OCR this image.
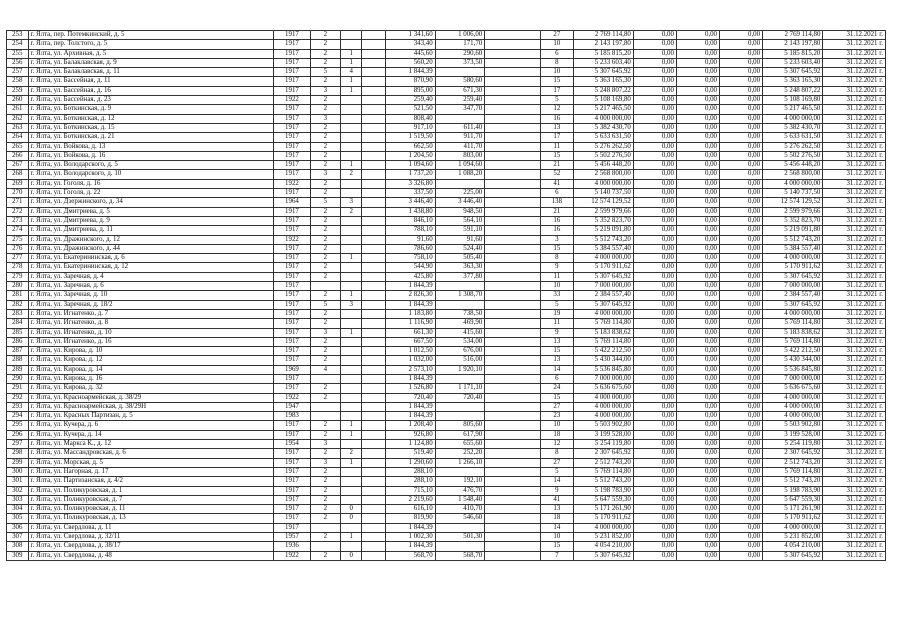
253	г. Ялта, пер. Потемкинский, д. 5	1917	2			1 341,60	1 006,00		27	2 769 114,80	0,00	0,00	0,00	2 769 114,80	31.12.2021 г.
254	г. Ялта, пер. Толстого, д. 5	1917	2			343,40	171,70		10	2 143 197,80	0,00	0,00	0,00	2 143 197,80	31.12.2021 г.
255	г. Ялта, ул. Архивная, д. 5	1917	2	1		445,60	290,60		6	5 185 815,20	0,00	0,00	0,00	5 185 815,20	31.12.2021 г.
256	г. Ялта, ул. Балаклавская, д. 9	1917	2	1		560,20	373,50		8	5 233 603,40	0,00	0,00	0,00	5 233 603,40	31.12.2021 г.
257	г. Ялта, ул. Балаклавская, д. 11	1917	5	4		1 844,39			10	5 307 645,92	0,00	0,00	0,00	5 307 645,92	31.12.2021 г.
258	г. Ялта, ул. Бассейная, д. 11	1917	2	1		870,90	580,60		15	5 363 165,30	0,00	0,00	0,00	5 363 165,30	31.12.2021 г.
259	г. Ялта, ул. Бассейная, д. 16	1917	3	1		895,00	671,30		17	5 248 807,22	0,00	0,00	0,00	5 248 807,22	31.12.2021 г.
260	г. Ялта, ул. Бассейная, д. 23	1922	2			259,40	259,40		5	5 108 169,80	0,00	0,00	0,00	5 108 169,80	31.12.2021 г.
261	г. Ялта, ул. Боткинская, д. 9	1917	2			521,50	347,70		12	5 217 465,50	0,00	0,00	0,00	5 217 465,50	31.12.2021 г.
262	г. Ялта, ул. Боткинская, д. 12	1917	3			808,40			16	4 000 000,00	0,00	0,00	0,00	4 000 000,00	31.12.2021 г.
263	г. Ялта, ул. Боткинская, д. 15	1917	2			917,10	611,40		13	5 382 430,70	0,00	0,00	0,00	5 382 430,70	31.12.2021 г.
264	г. Ялта, ул. Боткинская, д. 21	1917	2			1 519,50	911,70		17	5 633 631,50	0,00	0,00	0,00	5 633 631,50	31.12.2021 г.
265	г. Ялта, ул. Войкова, д. 13	1917	2			662,50	411,70		11	5 276 262,50	0,00	0,00	0,00	5 276 262,50	31.12.2021 г.
266	г. Ялта, ул. Войкова, д. 16	1917	2			1 204,50	803,00		15	5 502 276,50	0,00	0,00	0,00	5 502 276,50	31.12.2021 г.
267	г. Ялта, ул. Володарского, д. 5	1917	2	1		1 094,60	1 094,60		21	5 456 448,20	0,00	0,00	0,00	5 456 448,20	31.12.2021 г.
268	г. Ялта, ул. Володарского, д. 10	1917	3	2		1 737,20	1 088,20		52	2 568 800,00	0,00	0,00	0,00	2 568 800,00	31.12.2021 г.
269	г. Ялта, ул. Гоголя, д. 16	1922	2			3 326,80			41	4 000 000,00	0,00	0,00	0,00	4 000 000,00	31.12.2021 г.
270	г. Ялта, ул. Гоголя, д. 22	1917	2			337,50	225,00		6	5 140 737,50	0,00	0,00	0,00	5 140 737,50	31.12.2021 г.
271	г. Ялта, ул. Дзержинского, д. 34	1964	5	3		3 446,40	3 446,40		138	12 574 129,52	0,00	0,00	0,00	12 574 129,52	31.12.2021 г.
272	г. Ялта, ул. Дмитриева, д. 5	1917	2	2		1 438,80	948,50		21	2 599 979,66	0,00	0,00	0,00	2 599 979,66	31.12.2021 г.
273	г. Ялта, ул. Дмитриева, д. 9	1917	2			846,10	564,10		16	5 352 823,70	0,00	0,00	0,00	5 352 823,70	31.12.2021 г.
274	г. Ялта, ул. Дмитриева, д. 11	1917	2			788,10	591,10		16	5 219 091,80	0,00	0,00	0,00	5 219 091,80	31.12.2021 г.
275	г. Ялта, ул. Дражинского, д. 12	1922	2			91,60	91,60		3	5 512 743,20	0,00	0,00	0,00	5 512 743,20	31.12.2021 г.
276	г. Ялта, ул. Дражинского, д. 44	1917	2			786,60	524,40		15	5 384 557,40	0,00	0,00	0,00	5 384 557,40	31.12.2021 г.
277	г. Ялта, ул. Екатерининская, д. 6	1917	2	1		758,10	505,40		8	4 000 000,00	0,00	0,00	0,00	4 000 000,00	31.12.2021 г.
278	г. Ялта, ул. Екатерининская, д. 12	1917	2			544,90	363,30		9	5 170 911,62	0,00	0,00	0,00	5 170 911,62	31.12.2021 г.
279	г. Ялта, ул. Заречная, д. 4	1917	2			425,80	377,80		11	5 307 645,92	0,00	0,00	0,00	5 307 645,92	31.12.2021 г.
280	г. Ялта, ул. Заречная, д. 6	1917				1 844,39			10	7 000 000,00	0,00	0,00	0,00	7 000 000,00	31.12.2021 г.
281	г. Ялта, ул. Заречная, д. 10	1917	2	1		2 826,30	1 308,70		33	2 384 557,40	0,00	0,00	0,00	2 384 557,40	31.12.2021 г.
282	г. Ялта, ул. Заречная, д. 18/2	1917	5	3		1 844,39			5	5 307 645,92	0,00	0,00	0,00	5 307 645,92	31.12.2021 г.
283	г. Ялта, ул. Игнатенко, д. 7	1917	2			1 183,80	738,50		19	4 000 000,00	0,00	0,00	0,00	4 000 000,00	31.12.2021 г.
284	г. Ялта, ул. Игнатенко, д. 8	1917	2			1 116,90	469,90		11	5 769 114,80	0,00	0,00	0,00	5 769 114,80	31.12.2021 г.
285	г. Ялта, ул. Игнатенко, д. 10	1917	3	1		661,30	415,60		9	5 183 838,62	0,00	0,00	0,00	5 183 838,62	31.12.2021 г.
286	г. Ялта, ул. Игнатенко, д. 16	1917	2			667,50	534,00		13	5 769 114,80	0,00	0,00	0,00	5 769 114,80	31.12.2021 г.
287	г. Ялта, ул. Кирова, д. 10	1917	2			1 012,50	676,00		15	5 422 212,50	0,00	0,00	0,00	5 422 212,50	31.12.2021 г.
288	г. Ялта, ул. Кирова, д. 12	1917	2			1 032,00	516,00		13	5 430 344,00	0,00	0,00	0,00	5 430 344,00	31.12.2021 г.
289	г. Ялта, ул. Кирова, д. 14	1969	4			2 573,10	1 920,10		14	5 536 845,80	0,00	0,00	0,00	5 536 845,80	31.12.2021 г.
290	г. Ялта, ул. Кирова, д. 16	1917				1 844,39			6	7 000 000,00	0,00	0,00	0,00	7 000 000,00	31.12.2021 г.
291	г. Ялта, ул. Кирова, д. 32	1917	2			1 526,80	1 171,10		24	5 636 675,60	0,00	0,00	0,00	5 636 675,60	31.12.2021 г.
292	г. Ялта, ул. Красноармейская, д. 38/29	1922	2			720,40	720,40		15	4 000 000,00	0,00	0,00	0,00	4 000 000,00	31.12.2021 г.
293	г. Ялта, ул. Красноармейская, д. 38/29Н	1947				1 844,39			27	4 000 000,00	0,00	0,00	0,00	4 000 000,00	31.12.2021 г.
294	г. Ялта, ул. Красных Партизан, д. 5	1983				1 844,39			23	4 000 000,00	0,00	0,00	0,00	4 000 000,00	31.12.2021 г.
295	г. Ялта, ул. Кучера, д. 6	1917	2	1		1 208,40	805,60		10	5 503 902,80	0,00	0,00	0,00	5 503 902,80	31.12.2021 г.
296	г. Ялта, ул. Кучера, д. 14	1917	2	1		926,80	617,90		18	3 199 528,00	0,00	0,00	0,00	3 199 528,00	31.12.2021 г.
297	г. Ялта, ул. Маркса К., д. 12	1954	3			1 124,80	655,60		12	5 254 119,80	0,00	0,00	0,00	5 254 119,80	31.12.2021 г.
298	г. Ялта, ул. Массандровская, д. 6	1917	2	2		519,40	252,20		8	2 307 645,92	0,00	0,00	0,00	2 307 645,92	31.12.2021 г.
299	г. Ялта, ул. Морская, д. 5	1917	3	1		1 290,60	1 266,10		27	2 512 743,20	0,00	0,00	0,00	2 512 743,20	31.12.2021 г.
300	г. Ялта, ул. Нагорная, д. 17	1917	2			288,10			5	5 769 114,80	0,00	0,00	0,00	5 769 114,80	31.12.2021 г.
301	г. Ялта, ул. Партизанская, д. 4/2	1917	2			288,10	192,10		14	5 512 743,20	0,00	0,00	0,00	5 512 743,20	31.12.2021 г.
302	г. Ялта, ул. Поликуровская, д. 1	1917	2			715,10	476,70		9	5 198 783,90	0,00	0,00	0,00	5 198 783,90	31.12.2021 г.
303	г. Ялта, ул. Поликуровская, д. 7	1917	2			2 219,60	1 548,40		41	5 647 559,30	0,00	0,00	0,00	5 647 559,30	31.12.2021 г.
304	г. Ялта, ул. Поликуровская, д. 11	1917	2	0		616,10	410,70		13	5 171 261,90	0,00	0,00	0,00	5 171 261,90	31.12.2021 г.
305	г. Ялта, ул. Поликуровская, д. 13	1917	2	0		819,90	546,60		18	5 170 911,62	0,00	0,00	0,00	5 170 911,62	31.12.2021 г.
306	г. Ялта, ул. Свердлова, д. 11	1917				1 844,39			14	4 000 000,00	0,00	0,00	0,00	4 000 000,00	31.12.2021 г.
307	г. Ялта, ул. Свердлова, д. 32/11	1957	2	1		1 002,30	501,30		10	5 231 852,00	0,00	0,00	0,00	5 231 852,00	31.12.2021 г.
308	г. Ялта, ул. Свердлова, д. 38/17	1936				1 844,39			15	4 054 210,00	0,00	0,00	0,00	4 054 210,00	31.12.2021 г.
309	г. Ялта, ул. Свердлова, д. 48	1922	2	0		568,70	568,70		7	5 307 645,92	0,00	0,00	0,00	5 307 645,92	31.12.2021 г.
